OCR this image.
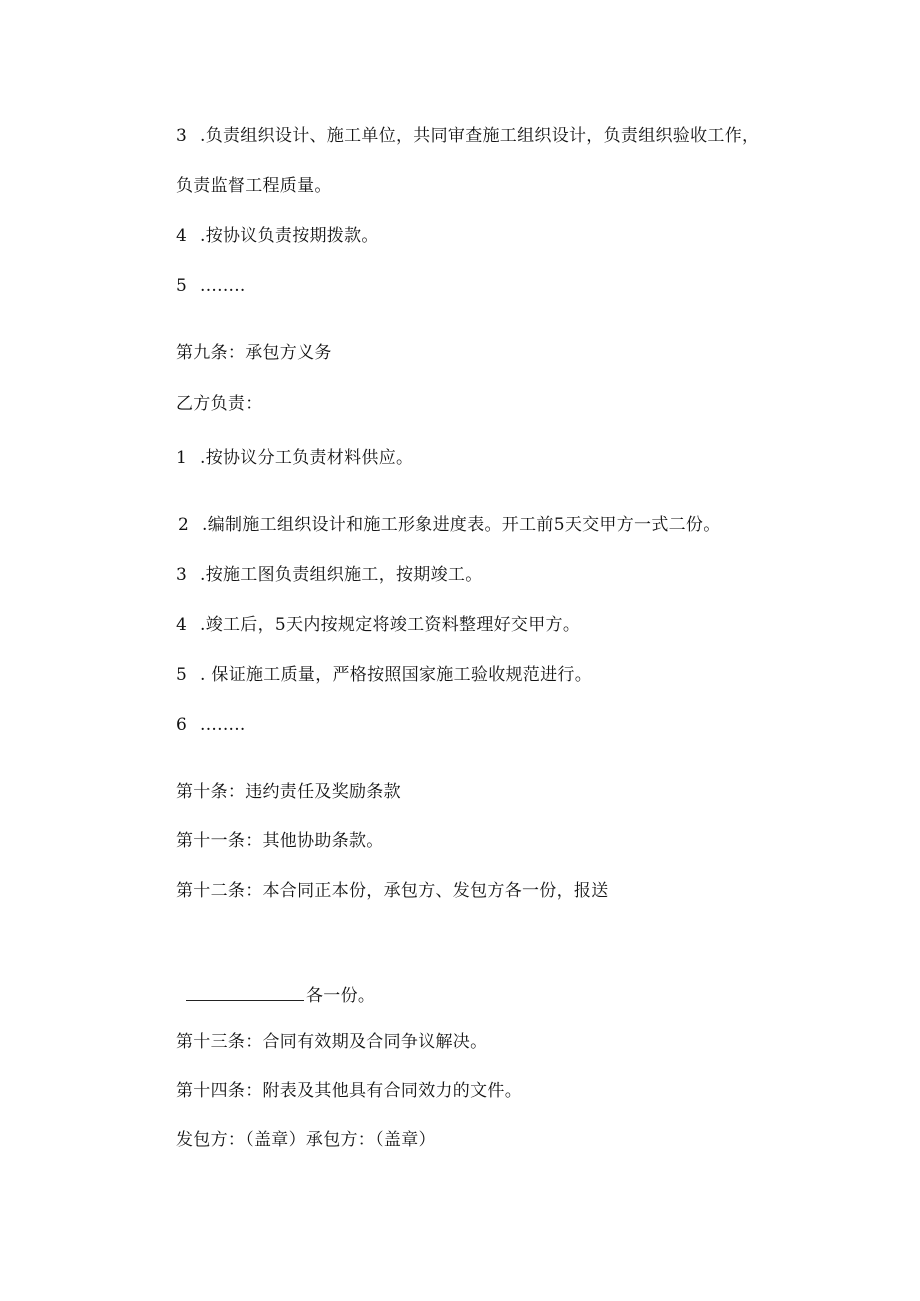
3 .负责组织设计、施工单位，共同审查施工组织设计，负责组织验收工作，
负责监督工程质量。
4 .按协议负责按期拨款。
5 ........
第九条：承包方义务
乙方负责：
1 .按协议分工负责材料供应。
2 .编制施工组织设计和施工形象进度表。开工前5天交甲方一式二份。
3 .按施工图负责组织施工，按期竣工。
4 .竣工后，5天内按规定将竣工资料整理好交甲方。
5 . 保证施工质量，严格按照国家施工验收规范进行。
6 ........
第十条：违约责任及奖励条款
第十一条：其他协助条款。
第十二条：本合同正本份，承包方、发包方各一份，报送
各一份。
第十三条：合同有效期及合同争议解决。
第十四条：附表及其他具有合同效力的文件。
发包方：（盖章）承包方：（盖章）
